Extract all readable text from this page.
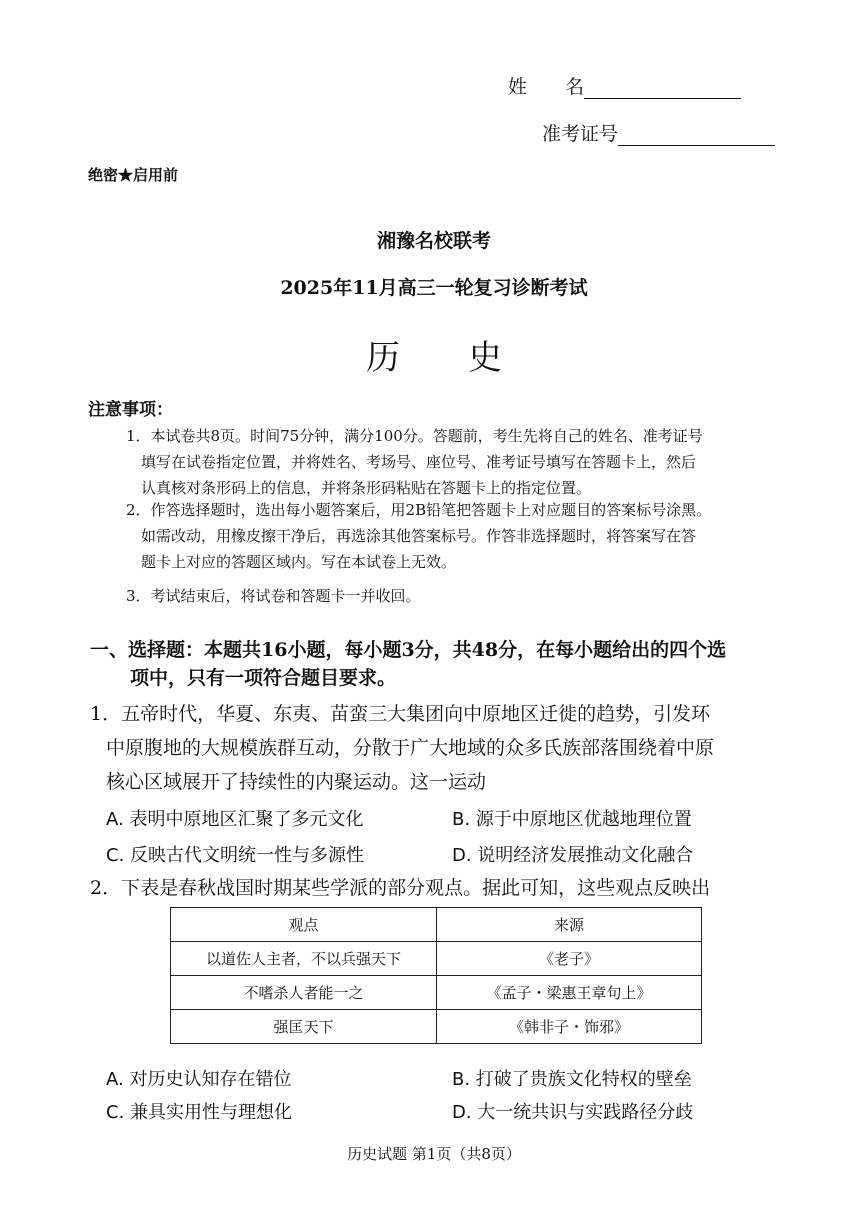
姓　　名
准考证号
绝密★启用前
湘豫名校联考
2025年11月高三一轮复习诊断考试
历　　史
注意事项：
1．本试卷共8页。时间75分钟，满分100分。答题前，考生先将自己的姓名、准考证号
填写在试卷指定位置，并将姓名、考场号、座位号、准考证号填写在答题卡上，然后
认真核对条形码上的信息，并将条形码粘贴在答题卡上的指定位置。
2．作答选择题时，选出每小题答案后，用2B铅笔把答题卡上对应题目的答案标号涂黑。
如需改动，用橡皮擦干净后，再选涂其他答案标号。作答非选择题时，将答案写在答
题卡上对应的答题区域内。写在本试卷上无效。
3．考试结束后，将试卷和答题卡一并收回。
一、选择题：本题共16小题，每小题3分，共48分，在每小题给出的四个选
项中，只有一项符合题目要求。
1．五帝时代，华夏、东夷、苗蛮三大集团向中原地区迁徙的趋势，引发环
中原腹地的大规模族群互动，分散于广大地域的众多氏族部落围绕着中原
核心区域展开了持续性的内聚运动。这一运动
A. 表明中原地区汇聚了多元文化	B. 源于中原地区优越地理位置
C. 反映古代文明统一性与多源性	D. 说明经济发展推动文化融合
2．下表是春秋战国时期某些学派的部分观点。据此可知，这些观点反映出
观点	来源
以道佐人主者，不以兵强天下	《老子》
不嗜杀人者能一之	《孟子・梁惠王章句上》
强匡天下	《韩非子・饰邪》
A. 对历史认知存在错位	B. 打破了贵族文化特权的壁垒
C. 兼具实用性与理想化	D. 大一统共识与实践路径分歧
历史试题 第1页（共8页）
